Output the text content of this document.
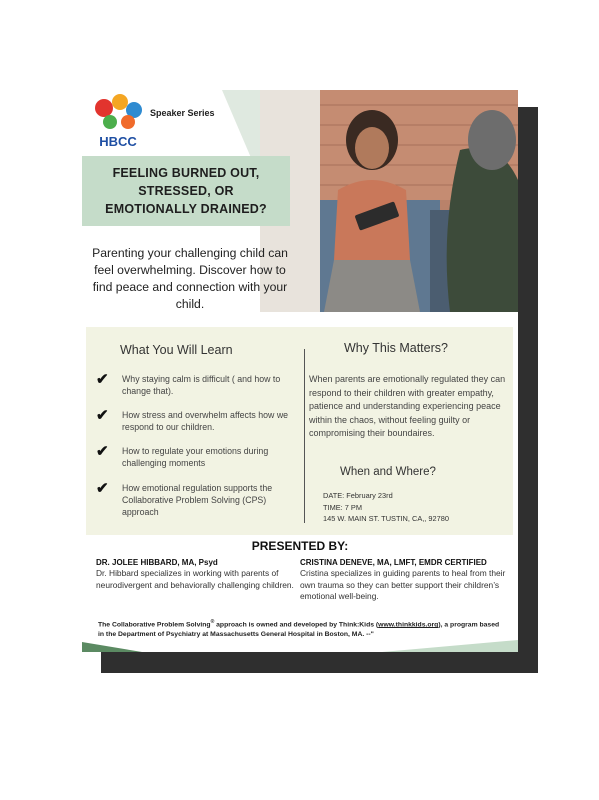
HBCC
Speaker Series
FEELING BURNED OUT,
STRESSED, OR
EMOTIONALLY DRAINED?
Parenting your challenging child can feel overwhelming. Discover how to find peace and connection with your child.
What You Will Learn	Why This Matters?
✔	Why staying calm is difficult ( and how to change that).
✔	How stress and overwhelm affects how we respond to our children.
✔	How to regulate your emotions during challenging moments
✔	How emotional regulation supports the Collaborative Problem Solving (CPS) approach
When parents are emotionally regulated they can respond to their children with greater empathy, patience and understanding experiencing peace within the chaos, without feeling guilty or compromising their boundaires.
When and Where?
DATE: February 23rd
TIME: 7 PM
145 W. MAIN ST. TUSTIN, CA,, 92780
PRESENTED BY:
DR. JOLEE HIBBARD, MA, Psyd
Dr. Hibbard specializes in working with parents of neurodivergent and behaviorally challenging children.
CRISTINA DENEVE, MA, LMFT, EMDR CERTIFIED
Cristina specializes in guiding parents to heal from their own trauma so they can better support their children’s emotional well-being.
The Collaborative Problem Solving® approach is owned and developed by Think:Kids (www.thinkkids.org), a program based in the Department of Psychiatry at Massachusetts General Hospital in Boston, MA. --"
